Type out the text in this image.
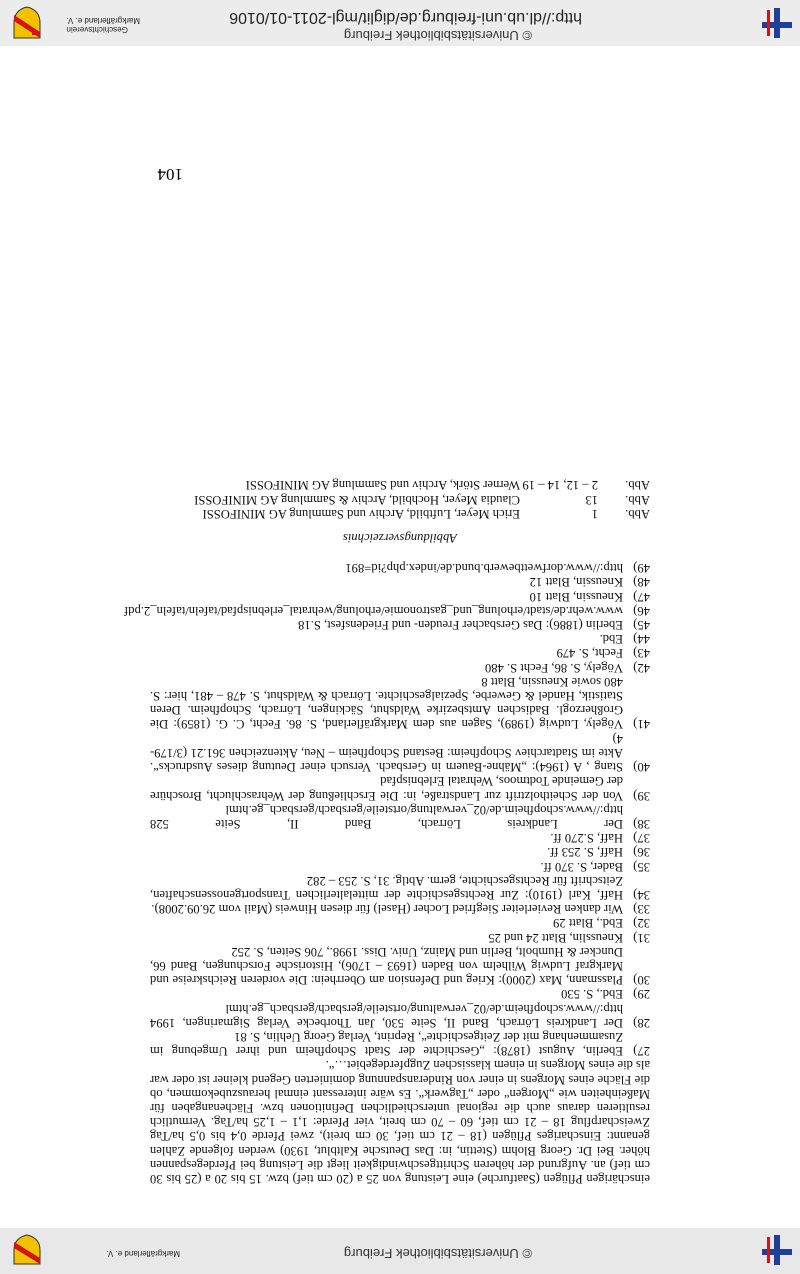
© Universitätsbibliothek Freiburg
Markgräflerland e. V.

einschärigen Pflügen (Saatfurche) eine Leistung von 25 a (20 cm tief) bzw. 15 bis 20 a (25 bis 30 cm tief) an. Aufgrund der höheren Schrittgeschwindigkeit liegt die Leistung bei Pferdegespannen höher. Bei Dr. Georg Blohm (Stettin, in: Das Deutsche Kaltblut, 1930) werden folgende Zahlen genannt: Einschariges Pflügen (18 – 21 cm tief, 30 cm breit), zwei Pferde 0,4 bis 0,5 ha/Tag Zweischarpflug 18 – 21 cm tief, 60 – 70 cm breit, vier Pferde: 1,1 – 1,25 ha/Tag. Vermutlich resultieren daraus auch die regional unterschiedlichen Definitionen bzw. Flächenangaben für Maßeinheiten wie „Morgen“ oder „Tagwerk“. Es wäre interessant einmal herauszubekommen, ob die Fläche eines Morgens in einer von Rinderanspannung dominierten Gegend kleiner ist oder war als die eines Morgens in einem klassischen Zugpferdegebiet…“.

27)
Eberlin, August (1878): „Geschichte der Stadt Schopfheim und ihrer Umgebung im Zusammenhang mit der Zeitgeschichte“, Reprint, Verlag Georg Uehlin, S. 81
28)
Der Landkreis Lörrach, Band II, Seite 530, Jan Thorbecke Verlag Sigmaringen, 1994 http://www.schopfheim.de/02_verwaltung/ortsteile/gersbach/gersbach_ge.html
29)
Ebd., S. 530
30)
Plassmann, Max (2000): Krieg und Defension am Oberrhein: Die vorderen Reichskreise und Markgraf Ludwig Wilhelm von Baden (1693 – 1706), Historische Forschungen, Band 66, Duncker & Humbolt, Berlin und Mainz, Univ. Diss. 1998., 706 Seiten, S. 252
31)
Kneusslin, Blatt 24 und 25
32)
Ebd., Blatt 29
33)
Wir danken Revierleiter Siegfried Locher (Hasel) für diesen Hinweis (Mail vom 26.09.2008).
34)
Haff, Karl (1910): Zur Rechtsgeschichte der mittelalterlichen Transportgenossenschaften, Zeitschrift für Rechtsgeschichte, germ. Abtlg. 31, S. 253 – 282
35)
Bader, S. 370 ff.
36)
Haff, S. 253 ff.
37)
Haff, S.270 ff.
38)
Der Landkreis Lörrach, Band II, Seite 528 http://www.schopfheim.de/02_verwaltung/ortsteile/gersbach/gersbach_ge.html
39)
Von der Scheitholztrift zur Landstraße, in: Die Erschließung der Wehraschlucht, Broschüre der Gemeinde Todtmoos, Wehratal Erlebnispfad
40)
Stang , A (1964): „Mähne-Bauern in Gersbach. Versuch einer Deutung dieses Ausdrucks“. Akte im Stadtarchiev Schopfheim: Bestand Schopfheim – Neu, Aktenzeichen 361.21 (3/179-4)
41)
Vögely, Ludwig (1989), Sagen aus dem Markgräflerland, S. 86. Fecht, C. G. (1859): Die Großherzogl. Badischen Amtsbezirke Waldshut, Säckingen, Lörrach, Schopfheim. Deren Statistik, Handel & Gewerbe, Spezialgeschichte. Lörrach & Waldshut, S. 478 – 481, hier: S. 480 sowie Kneussin, Blatt 8
42)
Vögely, S. 86, Fecht S. 480
43)
Fecht, S. 479
44)
Ebd.
45)
Eberlin (1886): Das Gersbacher Freuden- und Friedensfest, S.18
46)
www.wehr.de/stadt/erholung_und_gastronomie/erholung/wehratal_erlebnispfad/tafeln/tafeln_2.pdf
47)
Kneussin, Blatt 10
48)
Kneussin, Blatt 12
49)
http://www.dorfwettbewerb.bund.de/index.php?id=891
Abbildungsverzeichnis
Abb.
1
Erich Meyer, Luftbild, Archiv und Sammlung AG MINIFOSSI
Abb.
13
Claudia Meyer, Hochbild, Archiv & Sammlung AG MINIFOSSI
Abb.
2 – 12, 14 – 19
Werner Störk, Archiv und Sammlung AG MINIFOSSI
104
© Universitätsbibliothek Freiburg
http://dl.ub.uni-freiburg.de/diglit/mgl-2011-01/0106
Geschichtsverein
Markgräflerland e. V.
